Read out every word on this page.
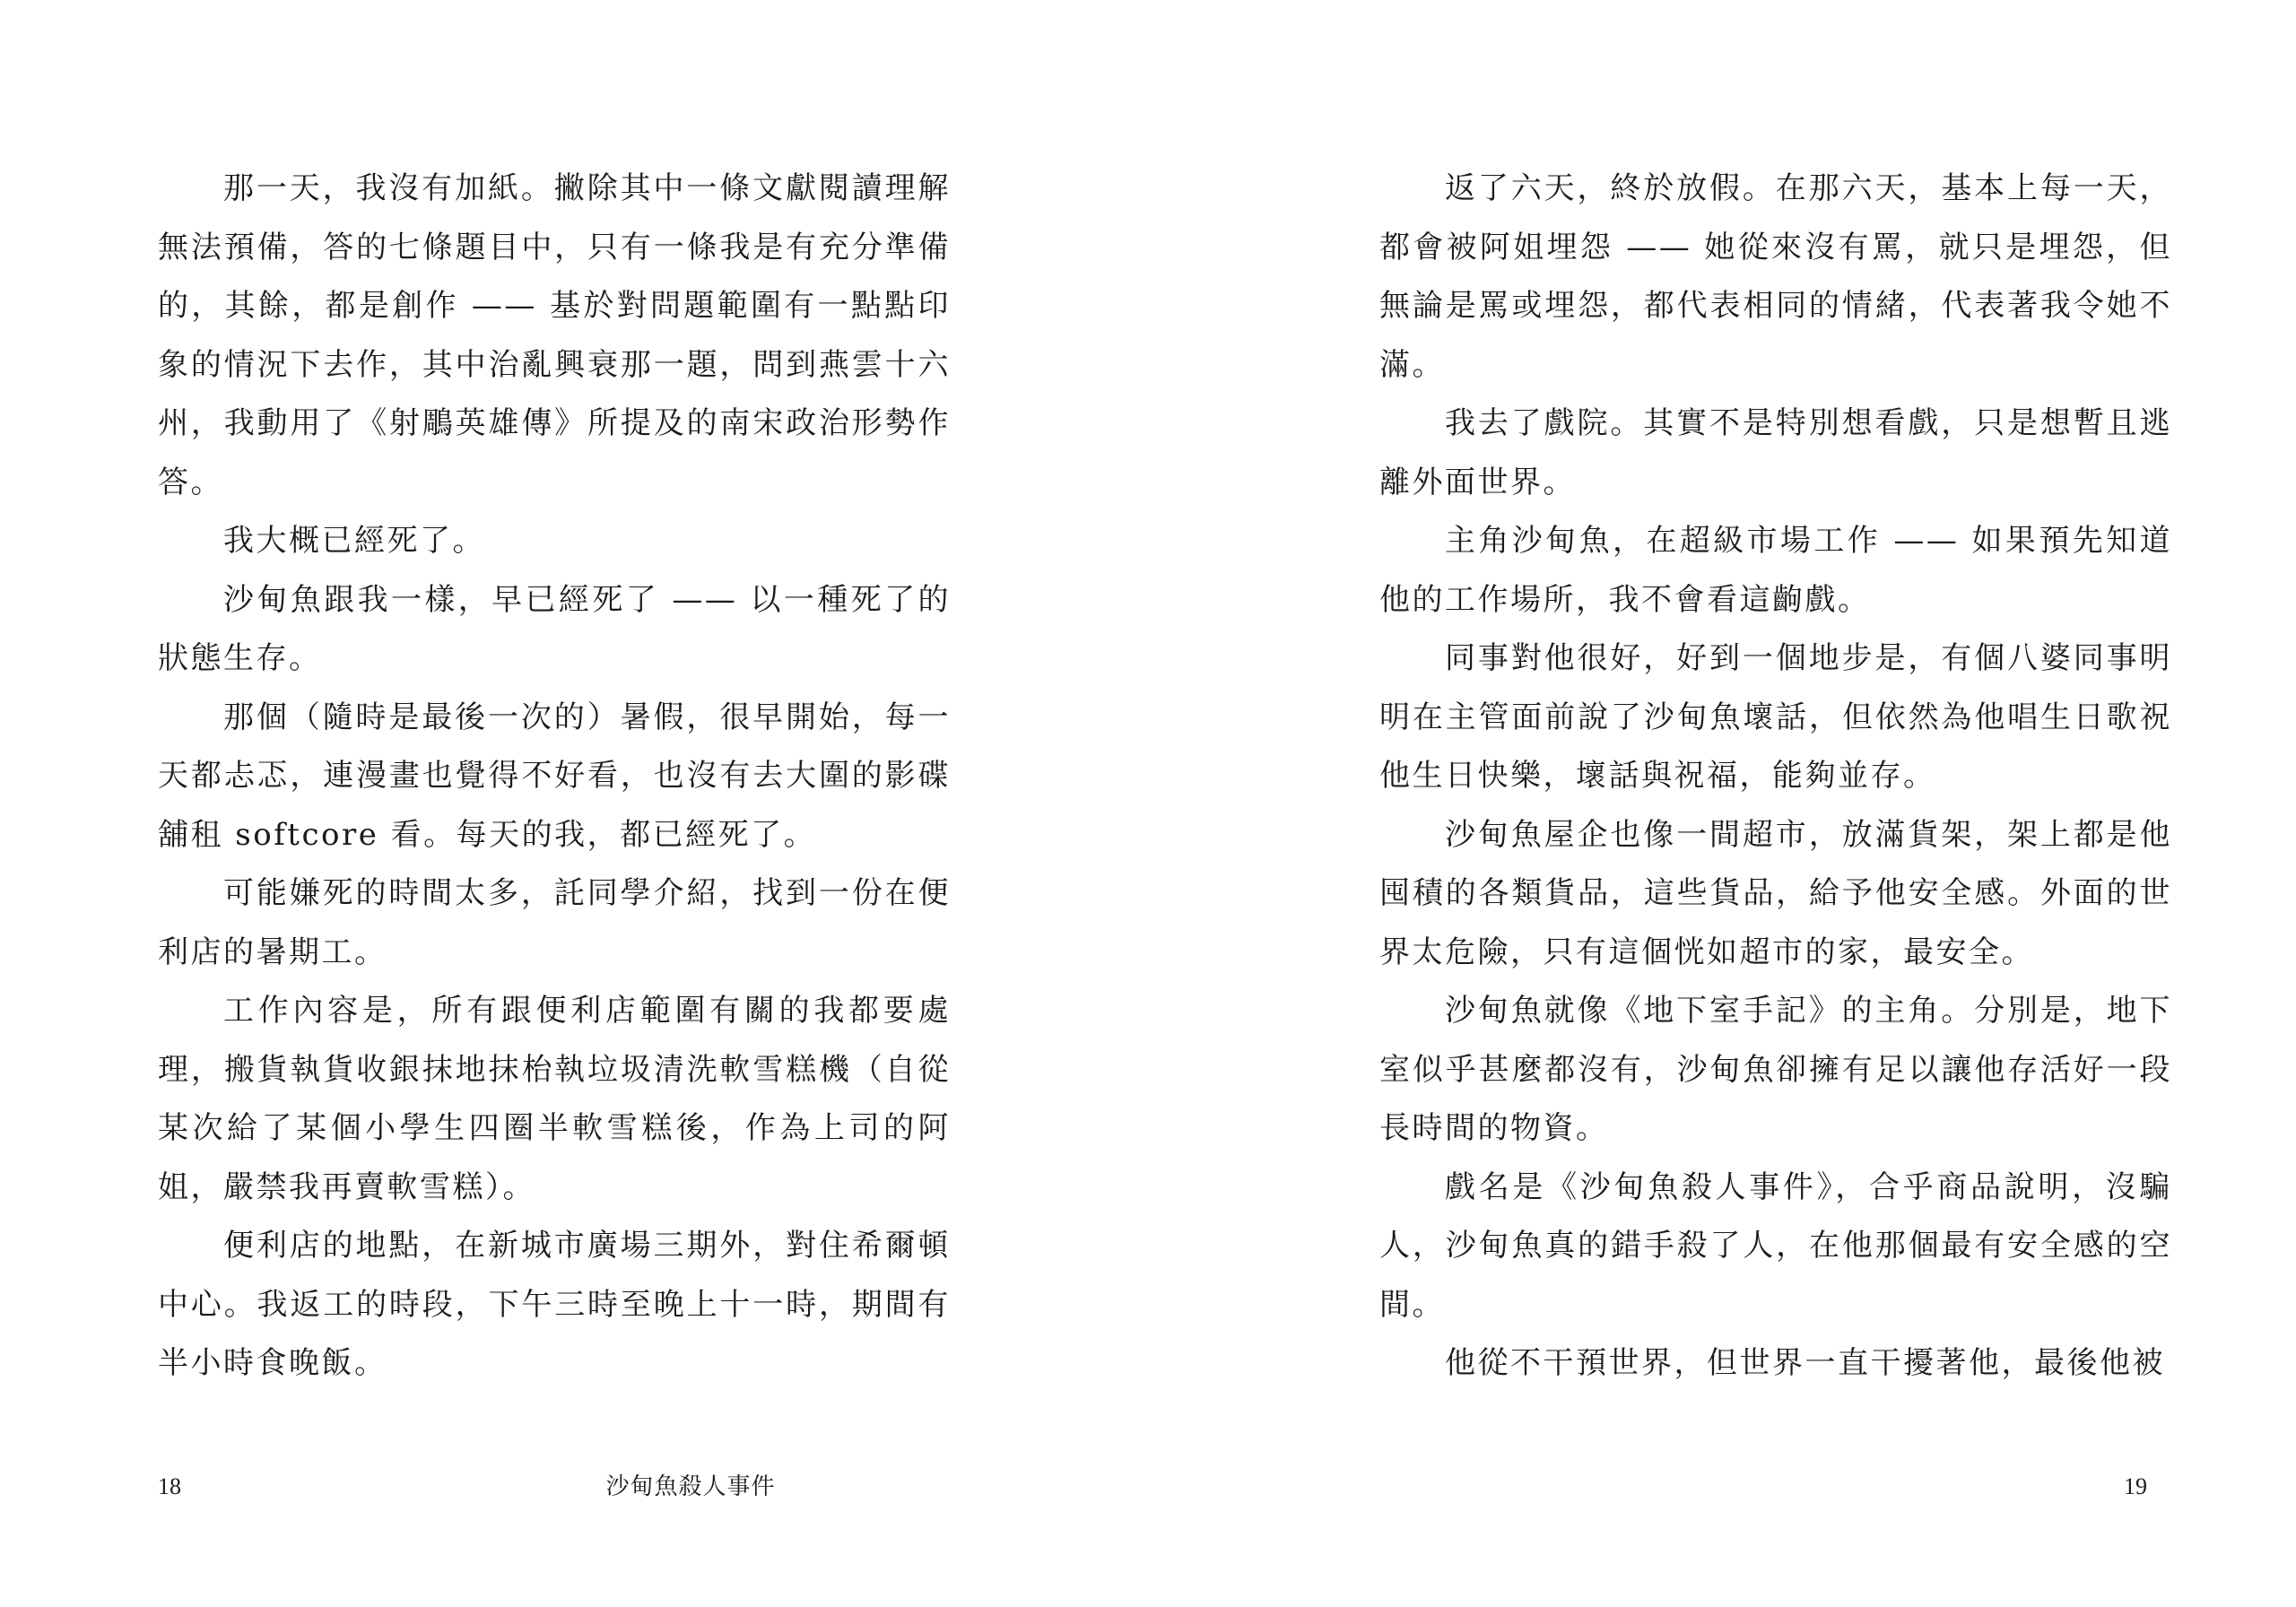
那一天，我沒有加紙。撇除其中一條文獻閱讀理解無法預備，答的七條題目中，只有一條我是有充分準備的，其餘，都是創作 —— 基於對問題範圍有一點點印象的情況下去作，其中治亂興衰那一題，問到燕雲十六州，我動用了《射鵰英雄傳》所提及的南宋政治形勢作答。

我大概已經死了。

沙甸魚跟我一樣，早已經死了 —— 以一種死了的狀態生存。

那個（隨時是最後一次的）暑假，很早開始，每一天都忐忑，連漫畫也覺得不好看，也沒有去大圍的影碟舖租 softcore 看。每天的我，都已經死了。

可能嫌死的時間太多，託同學介紹，找到一份在便利店的暑期工。

工作內容是，所有跟便利店範圍有關的我都要處理，搬貨執貨收銀抹地抹枱執垃圾清洗軟雪糕機（自從某次給了某個小學生四圈半軟雪糕後，作為上司的阿姐，嚴禁我再賣軟雪糕）。

便利店的地點，在新城市廣場三期外，對住希爾頓中心。我返工的時段，下午三時至晚上十一時，期間有半小時食晚飯。

18	沙甸魚殺人事件

返了六天，終於放假。在那六天，基本上每一天，都會被阿姐埋怨 —— 她從來沒有罵，就只是埋怨，但無論是罵或埋怨，都代表相同的情緒，代表著我令她不滿。

我去了戲院。其實不是特別想看戲，只是想暫且逃離外面世界。

主角沙甸魚，在超級市場工作 —— 如果預先知道他的工作場所，我不會看這齣戲。

同事對他很好，好到一個地步是，有個八婆同事明明在主管面前說了沙甸魚壞話，但依然為他唱生日歌祝他生日快樂，壞話與祝福，能夠並存。

沙甸魚屋企也像一間超市，放滿貨架，架上都是他囤積的各類貨品，這些貨品，給予他安全感。外面的世界太危險，只有這個恍如超市的家，最安全。

沙甸魚就像《地下室手記》的主角。分別是，地下室似乎甚麼都沒有，沙甸魚卻擁有足以讓他存活好一段長時間的物資。

戲名是《沙甸魚殺人事件》，合乎商品說明，沒騙人，沙甸魚真的錯手殺了人，在他那個最有安全感的空間。

他從不干預世界，但世界一直干擾著他，最後他被

19
